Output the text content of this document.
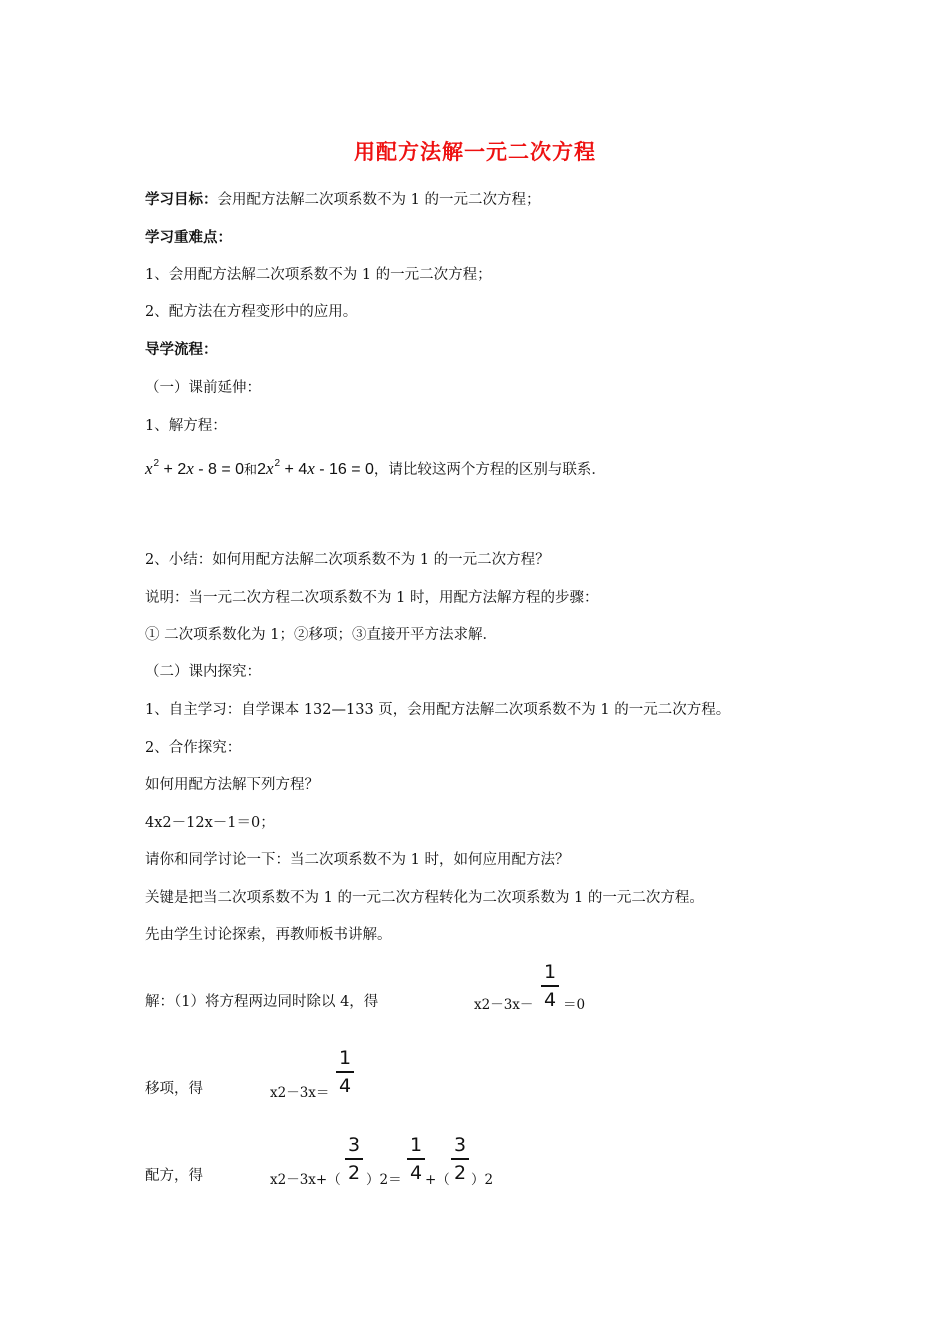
用配方法解一元二次方程
学习目标：会用配方法解二次项系数不为 1 的一元二次方程；
学习重难点：
1、会用配方法解二次项系数不为 1 的一元二次方程；
2、配方法在方程变形中的应用。
导学流程：
（一）课前延伸：
1、解方程：
$x^2 + 2x - 8 = 0$和$2x^2 + 4x - 16 = 0$，请比较这两个方程的区别与联系．
2、小结：如何用配方法解二次项系数不为 1 的一元二次方程？
说明：当一元二次方程二次项系数不为 1 时，用配方法解方程的步骤：
① 二次项系数化为 1；②移项；③直接开平方法求解．
（二）课内探究：
1、自主学习：自学课本 132—133 页，会用配方法解二次项系数不为 1 的一元二次方程。
2、合作探究：
如何用配方法解下列方程？
4x2－12x－1＝0；
请你和同学讨论一下：当二次项系数不为 1 时，如何应用配方法？
关键是把当二次项系数不为 1 的一元二次方程转化为二次项系数为 1 的一元二次方程。
先由学生讨论探索，再教师板书讲解。
解：（1）将方程两边同时除以 4，得	x2－3x－
1
4 ＝0
移项，得	x2－3x＝
1
4
配方，得	x2－3x+（
3
2 ）2＝
1
4 +（
3
2 ）2
